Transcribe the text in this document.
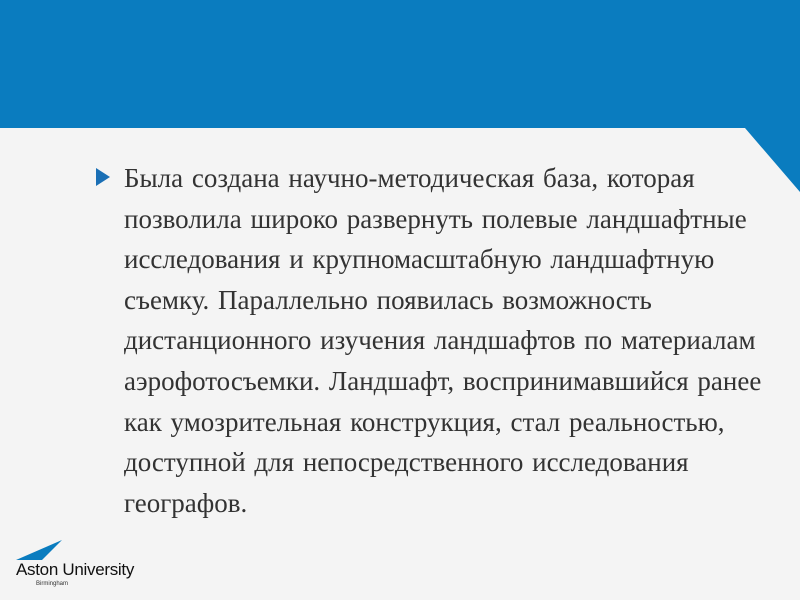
Была создана научно-методическая база, которая позволила широко развернуть полевые ландшафтные исследования и крупномасштабную ландшафтную съемку. Параллельно появилась возможность дистанционного изучения ландшафтов по материалам аэрофотосъемки. Ландшафт, воспринимавшийся ранее как умозрительная конструкция, стал реальностью, доступной для непосредственного исследования географов.

Aston University
Birmingham
